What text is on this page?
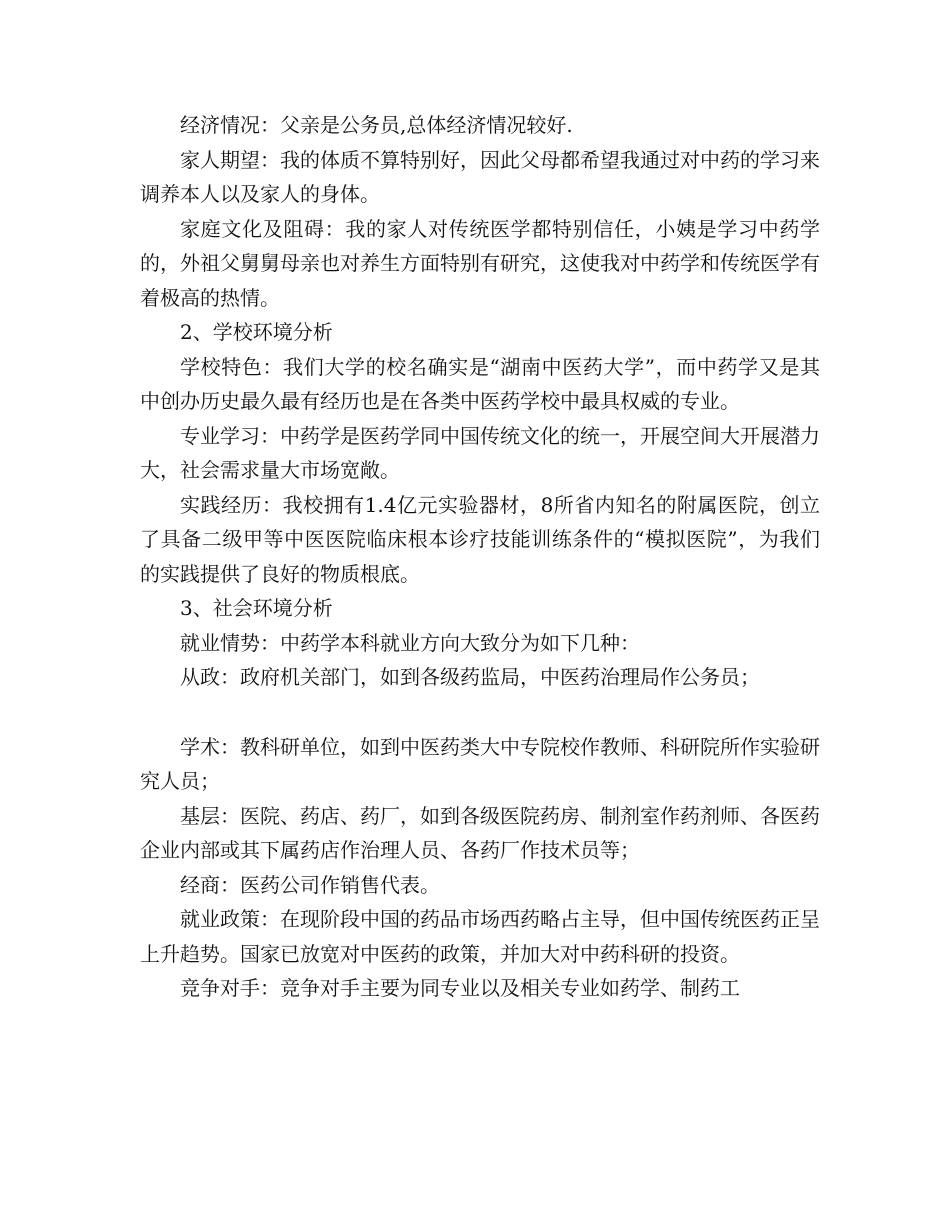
经济情况：父亲是公务员,总体经济情况较好.

家人期望：我的体质不算特别好，因此父母都希望我通过对中药的学习来调养本人以及家人的身体。

家庭文化及阻碍：我的家人对传统医学都特别信任，小姨是学习中药学的，外祖父舅舅母亲也对养生方面特别有研究，这使我对中药学和传统医学有着极高的热情。

2、学校环境分析

学校特色：我们大学的校名确实是“湖南中医药大学”，而中药学又是其中创办历史最久最有经历也是在各类中医药学校中最具权威的专业。

专业学习：中药学是医药学同中国传统文化的统一，开展空间大开展潜力大，社会需求量大市场宽敞。

实践经历：我校拥有1.4亿元实验器材，8所省内知名的附属医院，创立了具备二级甲等中医医院临床根本诊疗技能训练条件的“模拟医院”，为我们的实践提供了良好的物质根底。

3、社会环境分析

就业情势：中药学本科就业方向大致分为如下几种：

从政：政府机关部门，如到各级药监局，中医药治理局作公务员；

学术：教科研单位，如到中医药类大中专院校作教师、科研院所作实验研究人员；

基层：医院、药店、药厂，如到各级医院药房、制剂室作药剂师、各医药企业内部或其下属药店作治理人员、各药厂作技术员等；

经商：医药公司作销售代表。

就业政策：在现阶段中国的药品市场西药略占主导，但中国传统医药正呈上升趋势。国家已放宽对中医药的政策，并加大对中药科研的投资。

竞争对手：竞争对手主要为同专业以及相关专业如药学、制药工
